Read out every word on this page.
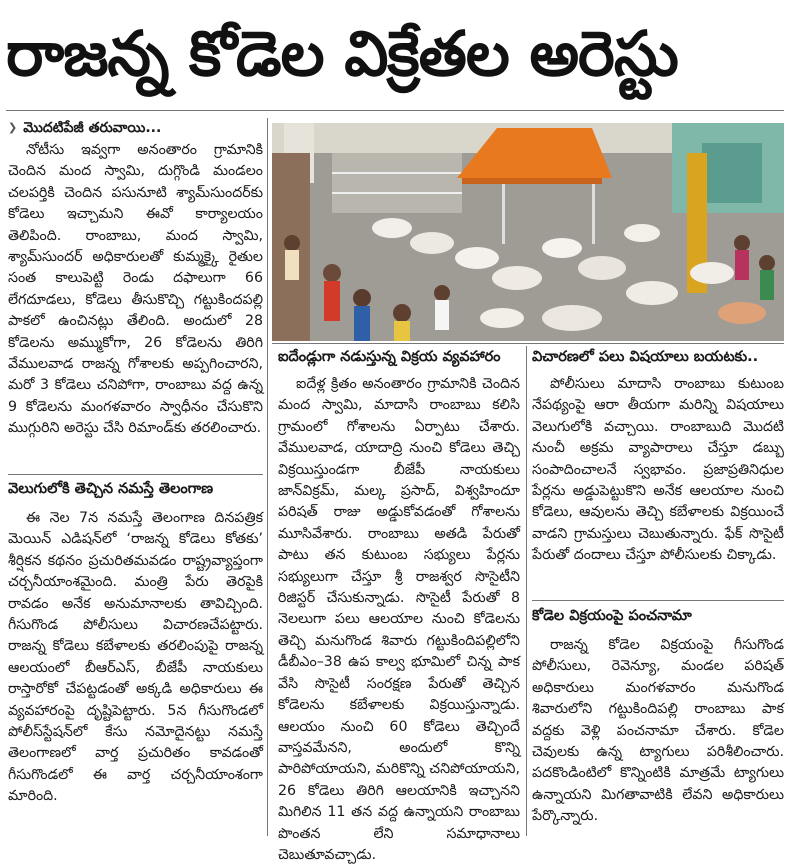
రాజన్న కోడెల విక్రేతల అరెస్టు
❯ మొదటిపేజీ తరువాయి...

నోటీసు ఇవ్వగా అనంతారం గ్రామానికి చెందిన మంద స్వామి, దుగ్గొండి మండలం చలపర్తికి చెందిన పసునూటి శ్యామ్‌సుందర్‌కు కోడెలు ఇచ్చామని ఈవో కార్యాలయం తెలిపింది. రాంబాబు, మంద స్వామి, శ్యామ్‌సుందర్ అధికారులతో కుమ్మక్కై రైతుల సంత కాలుపెట్టి రెండు దఫాలుగా 66 లేగదూడలు, కోడెలు తీసుకొచ్చి గట్టుకిందపల్లి పాకలో ఉంచినట్లు తేలింది. అందులో 28 కోడెలను అమ్ముకోగా, 26 కోడెలను తిరిగి వేములవాడ రాజన్న గోశాలకు అప్పగించారని, మరో 3 కోడెలు చనిపోగా, రాంబాబు వద్ద ఉన్న 9 కోడెలను మంగళవారం స్వాధీనం చేసుకొని ముగ్గురిని అరెస్టు చేసి రిమాండ్‌కు తరలించారు.

వెలుగులోకి తెచ్చిన నమస్తే తెలంగాణ

ఈ నెల 7న నమస్తే తెలంగాణ దినపత్రిక మెయిన్ ఎడిషన్‌లో ‘రాజన్న కోడెలు కోతకు’ శీర్షికన కథనం ప్రచురితమవడం రాష్ట్రవ్యాప్తంగా చర్చనీయాంశమైంది. మంత్రి పేరు తెరపైకి రావడం అనేక అనుమానాలకు తావిచ్చింది. గీసుగొండ పోలీసులు విచారణచేపట్టారు. రాజన్న కోడెలు కబేళాలకు తరలింపుపై రాజన్న ఆలయంలో బీఆర్ఎస్, బీజేపీ నాయకులు రాస్తారోకో చేపట్టడంతో అక్కడి అధికారులు ఈ వ్యవహారంపై దృష్టిపెట్టారు. 5న గీసుగొండలో పోలీస్‌స్టేషన్‌లో కేసు నమోదైనట్టు నమస్తే తెలంగాణలో వార్త ప్రచురితం కావడంతో గీసుగొండలో ఈ వార్త చర్చనీయాంశంగా మారింది.

ఐదేండ్లుగా నడుస్తున్న విక్రయ వ్యవహారం

ఐదేళ్ల క్రితం అనంతారం గ్రామానికి చెందిన మంద స్వామి, మాదాసి రాంబాబు కలిసి గ్రామంలో గోశాలను ఏర్పాటు చేశారు. వేములవాడ, యాదాద్రి నుంచి కోడెలు తెచ్చి విక్రయిస్తుండగా బీజేపీ నాయకులు జాన్‌విక్రమ్, మల్క ప్రసాద్, విశ్వహిందూ పరిషత్ రాజు అడ్డుకోవడంతో గోశాలను మూసివేశారు. రాంబాబు అతడి పేరుతో పాటు తన కుటుంబ సభ్యులు పేర్లను సభ్యులుగా చేస్తూ శ్రీ రాజశ్వర సొసైటీని రిజిస్టర్ చేసుకున్నాడు. సొసైటీ పేరుతో 8 నెలలుగా పలు ఆలయాల నుంచి కోడెలను తెచ్చి మనుగొండ శివారు గట్టుకిందిపల్లిలోని డీబీఎం–38 ఉప కాల్వ భూమిలో చిన్న పాక వేసి సొసైటీ సంరక్షణ పేరుతో తెచ్చిన కోడెలను కబేళాలకు విక్రయిస్తున్నాడు. ఆలయం నుంచి 60 కోడెలు తెచ్చిందే వాస్తవమేనని, అందులో కొన్ని పారిపోయాయని, మరికొన్ని చనిపోయాయని, 26 కోడెలు తిరిగి ఆలయానికి ఇచ్చానని మిగిలిన 11 తన వద్ద ఉన్నాయని రాంబాబు పొంతన లేని సమాధానాలు చెబుతూవచ్చాడు.

విచారణలో పలు విషయాలు బయటకు..

పోలీసులు మాదాసి రాంబాబు కుటుంబ నేపథ్యంపై ఆరా తీయగా మరిన్ని విషయాలు వెలుగులోకి వచ్చాయి. రాంబాబుది మొదటి నుంచీ అక్రమ వ్యాపారాలు చేస్తూ డబ్బు సంపాదించాలనే స్వభావం. ప్రజాప్రతినిధుల పేర్లను అడ్డుపెట్టుకొని అనేక ఆలయాల నుంచి కోడెలు, ఆవులను తెచ్చి కబేళాలకు విక్రయించే వాడని గ్రామస్తులు చెబుతున్నారు. ఫేక్ సొసైటీ పేరుతో దందాలు చేస్తూ పోలీసులకు చిక్కాడు.

కోడెల విక్రయంపై పంచనామా

రాజన్న కోడెల విక్రయంపై గీసుగొండ పోలీసులు, రెవెన్యూ, మండల పరిషత్ అధికారులు మంగళవారం మనుగొండ శివారులోని గట్టుకిందిపల్లి రాంబాబు పాక వద్దకు వెళ్లి పంచనామా చేశారు. కోడెల చెవులకు ఉన్న ట్యాగులు పరిశీలించారు. పదకొండింటిలో కొన్నింటికి మాత్రమే ట్యాగులు ఉన్నాయని మిగతావాటికి లేవని అధికారులు పేర్కొన్నారు.
